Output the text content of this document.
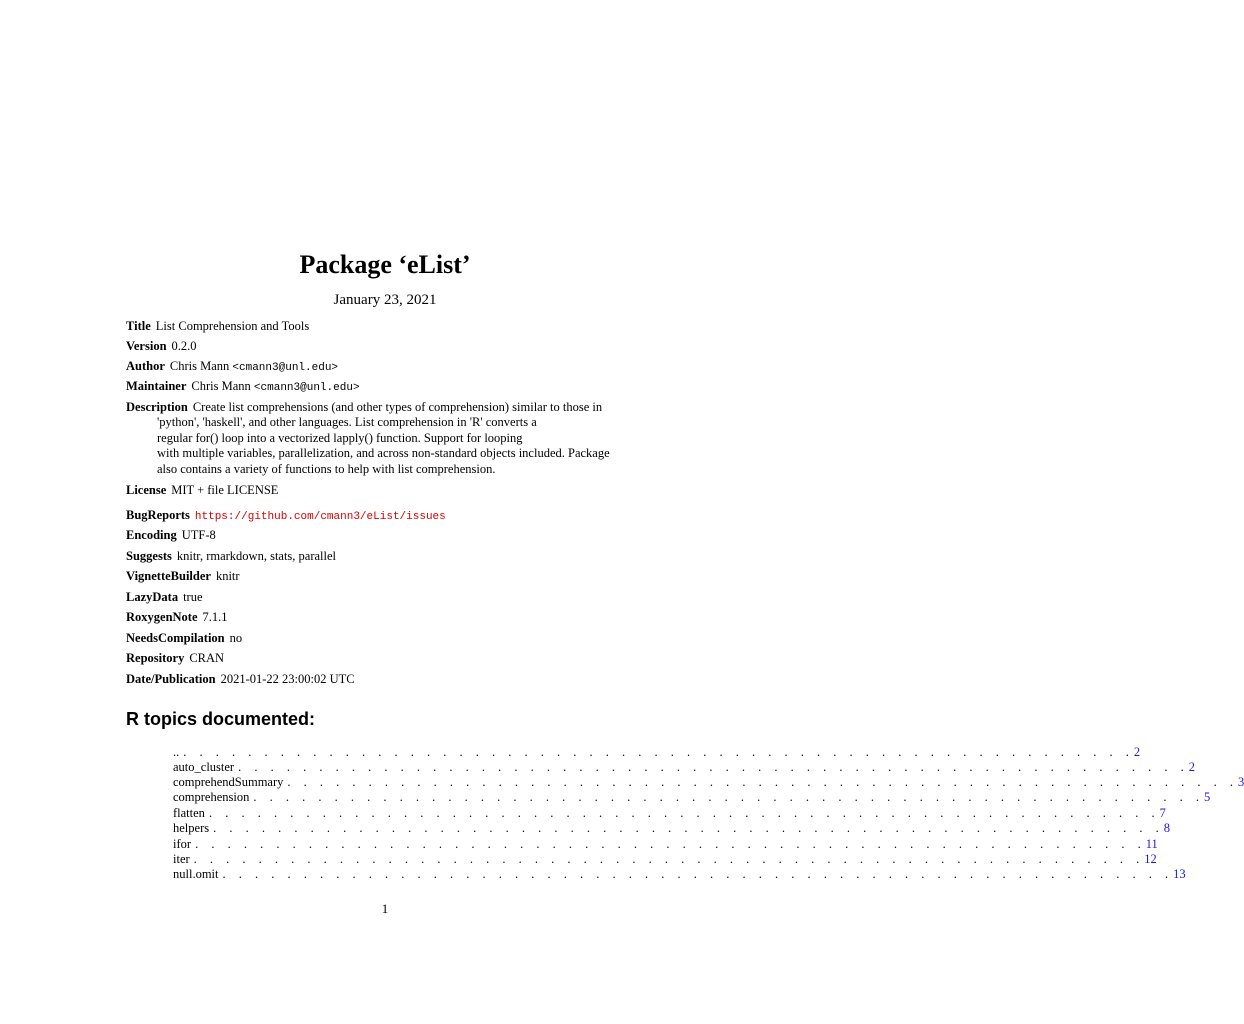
Package ‘eList’
January 23, 2021
Title List Comprehension and Tools
Version 0.2.0
Author Chris Mann <cmann3@unl.edu>
Maintainer Chris Mann <cmann3@unl.edu>
Description Create list comprehensions (and other types of comprehension) similar to those in
'python', 'haskell', and other languages. List comprehension in 'R' converts a
regular for() loop into a vectorized lapply() function. Support for looping
with multiple variables, parallelization, and across non-standard objects included. Package
also contains a variety of functions to help with list comprehension.
License MIT + file LICENSE
BugReports https://github.com/cmann3/eList/issues
Encoding UTF-8
Suggests knitr, rmarkdown, stats, parallel
VignetteBuilder knitr
LazyData true
RoxygenNote 7.1.1
NeedsCompilation no
Repository CRAN
Date/Publication 2021-01-22 23:00:02 UTC
R topics documented:
.. . . . . . . . . . . . . . . . . . . . . . . . . . . . . . . . . . . . . . . . . . . . . . . . . . . . . . . . . . . . 2
auto_cluster . . . . . . . . . . . . . . . . . . . . . . . . . . . . . . . . . . . . . . . . . . . . . . . . . . . . . . . . . . . 2
comprehendSummary . . . . . . . . . . . . . . . . . . . . . . . . . . . . . . . . . . . . . . . . . . . . . . . . . . . . . . . . . . . 3
comprehension . . . . . . . . . . . . . . . . . . . . . . . . . . . . . . . . . . . . . . . . . . . . . . . . . . . . . . . . . . . 5
flatten . . . . . . . . . . . . . . . . . . . . . . . . . . . . . . . . . . . . . . . . . . . . . . . . . . . . . . . . . . . 7
helpers . . . . . . . . . . . . . . . . . . . . . . . . . . . . . . . . . . . . . . . . . . . . . . . . . . . . . . . . . . . 8
ifor . . . . . . . . . . . . . . . . . . . . . . . . . . . . . . . . . . . . . . . . . . . . . . . . . . . . . . . . . . . 11
iter . . . . . . . . . . . . . . . . . . . . . . . . . . . . . . . . . . . . . . . . . . . . . . . . . . . . . . . . . . . 12
null.omit . . . . . . . . . . . . . . . . . . . . . . . . . . . . . . . . . . . . . . . . . . . . . . . . . . . . . . . . . . . 13
1
